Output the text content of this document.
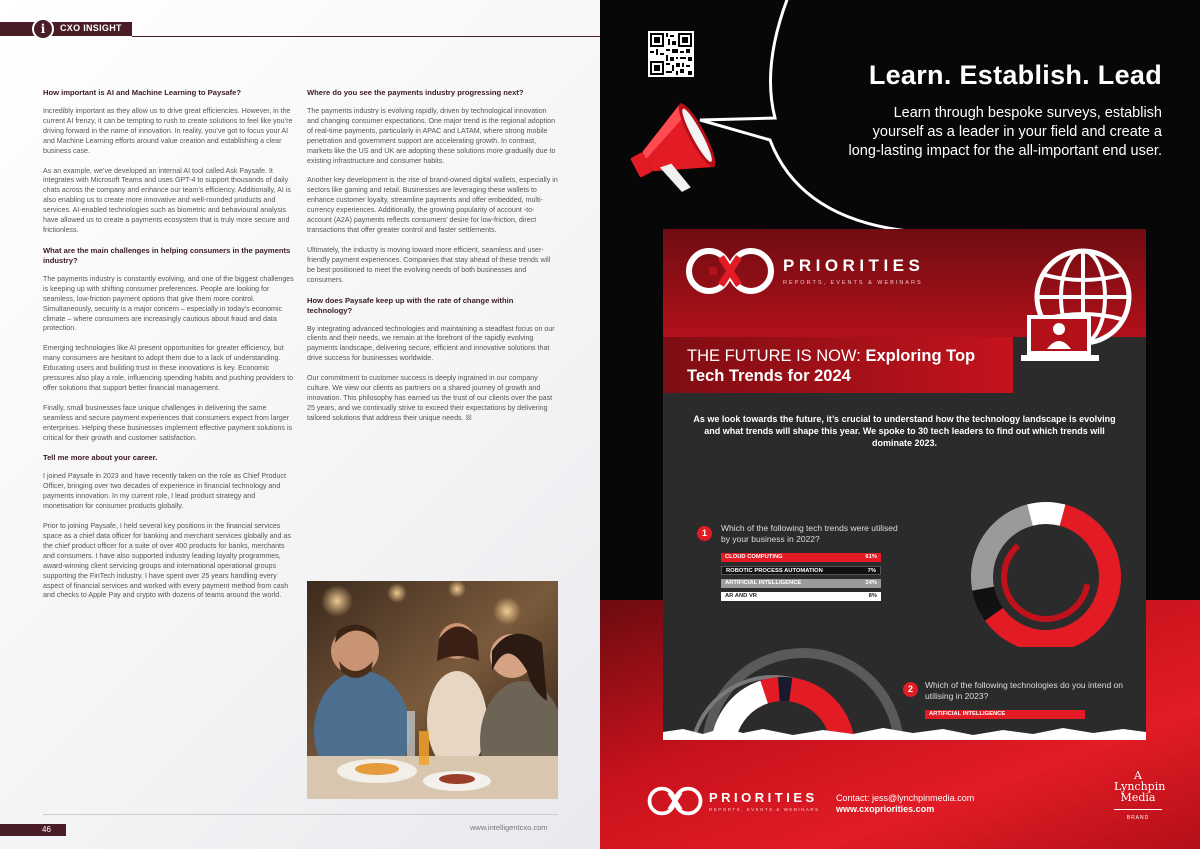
i	CXO INSIGHT
How important is AI and Machine Learning to Paysafe?

Incredibly important as they allow us to drive great efficiencies. However, in the current AI frenzy, it can be tempting to rush to create solutions to feel like you’re driving forward in the name of innovation. In reality, you’ve got to focus your AI and Machine Learning efforts around value creation and establishing a clear business case.

As an example, we’ve developed an internal AI tool called Ask Paysafe. It integrates with Microsoft Teams and uses GPT-4 to support thousands of daily chats across the company and enhance our team’s efficiency. Additionally, AI is also enabling us to create more innovative and well-rounded products and services. AI-enabled technologies such as biometric and behavioural analysis have allowed us to create a payments ecosystem that is truly more secure and frictionless.

What are the main challenges in helping consumers in the payments industry?

The payments industry is constantly evolving, and one of the biggest challenges is keeping up with shifting consumer preferences. People are looking for seamless, low-friction payment options that give them more control. Simultaneously, security is a major concern – especially in today’s economic climate – where consumers are increasingly cautious about fraud and data protection.

Emerging technologies like AI present opportunities for greater efficiency, but many consumers are hesitant to adopt them due to a lack of understanding. Educating users and building trust in these innovations is key. Economic pressures also play a role, influencing spending habits and pushing providers to offer solutions that support better financial management.

Finally, small businesses face unique challenges in delivering the same seamless and secure payment experiences that consumers expect from larger enterprises. Helping these businesses implement effective payment solutions is critical for their growth and customer satisfaction.

Tell me more about your career.

I joined Paysafe in 2023 and have recently taken on the role as Chief Product Officer, bringing over two decades of experience in financial technology and payments innovation. In my current role, I lead product strategy and monetisation for consumer products globally.

Prior to joining Paysafe, I held several key positions in the financial services space as a chief data officer for banking and merchant services globally and as the chief product officer for a suite of over 400 products for banks, merchants and consumers. I have also supported industry leading loyalty programmes, award-winning client servicing groups and international operational groups supporting the FinTech industry. I have spent over 25 years handling every aspect of financial services and worked with every payment method from cash and checks to Apple Pay and crypto with dozens of teams around the world.

Where do you see the payments industry progressing next?

The payments industry is evolving rapidly, driven by technological innovation and changing consumer expectations. One major trend is the regional adoption of real-time payments, particularly in APAC and LATAM, where strong mobile penetration and government support are accelerating growth. In contrast, markets like the US and UK are adopting these solutions more gradually due to existing infrastructure and consumer habits.

Another key development is the rise of brand-owned digital wallets, especially in sectors like gaming and retail. Businesses are leveraging these wallets to enhance customer loyalty, streamline payments and offer embedded, multi-currency experiences. Additionally, the growing popularity of account -to-account (A2A) payments reflects consumers’ desire for low-friction, direct transactions that offer greater control and faster settlements.

Ultimately, the industry is moving toward more efficient, seamless and user-friendly payment experiences. Companies that stay ahead of these trends will be best positioned to meet the evolving needs of both businesses and consumers.

How does Paysafe keep up with the rate of change within technology?

By integrating advanced technologies and maintaining a steadfast focus on our clients and their needs, we remain at the forefront of the rapidly evolving payments landscape, delivering secure, efficient and innovative solutions that drive success for businesses worldwide.

Our commitment to customer success is deeply ingrained in our company culture. We view our clients as partners on a shared journey of growth and innovation. This philosophy has earned us the trust of our clients over the past 25 years, and we continually strive to exceed their expectations by delivering tailored solutions that address their unique needs. ☒

46	www.intelligentcxo.com
Learn. Establish. Lead
Learn through bespoke surveys, establish yourself as a leader in your field and create a long-lasting impact for the all-important end user.
PRIORITIES
REPORTS, EVENTS & WEBINARS
THE FUTURE IS NOW: Exploring Top Tech Trends for 2024
As we look towards the future, it’s crucial to understand how the technology landscape is evolving and what trends will shape this year. We spoke to 30 tech leaders to find out which trends will dominate 2023.
1	Which of the following tech trends were utilised by your business in 2022?
CLOUD COMPUTING	61%
ROBOTIC PROCESS AUTOMATION	7%
ARTIFICIAL INTELLIGENCE	24%
AR AND VR	8%
2	Which of the following technologies do you intend on utilising in 2023?
ARTIFICIAL INTELLIGENCE
PRIORITIES
REPORTS, EVENTS & WEBINARS
Contact: jess@lynchpinmedia.com
www.cxopriorities.com
A
Lynchpin
Media
BRAND
